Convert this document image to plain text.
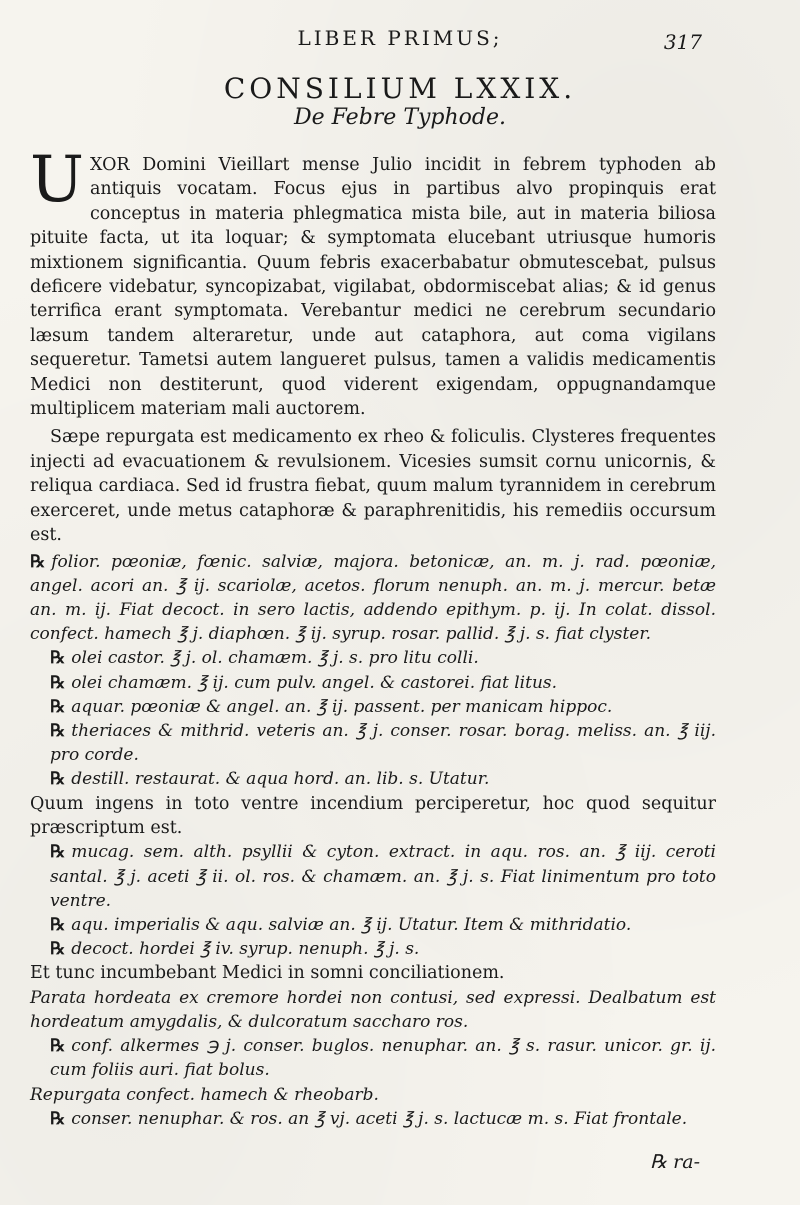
LIBER PRIMUS;	317
CONSILIUM LXXIX.
De Febre Typhode.

UXOR Domini Vieillart mense Julio incidit in febrem typhoden ab antiquis vocatam. Focus ejus in partibus alvo propinquis erat conceptus in materia phlegmatica mista bile, aut in materia biliosa pituite facta, ut ita loquar; & symptomata elucebant utriusque humoris mixtionem significantia. Quum febris exacerbabatur obmutescebat, pulsus deficere videbatur, syncopizabat, vigilabat, obdormiscebat alias; & id genus terrifica erant symptomata. Verebantur medici ne cerebrum secundario læsum tandem alteraretur, unde aut cataphora, aut coma vigilans sequeretur. Tametsi autem langueret pulsus, tamen a validis medicamentis Medici non destiterunt, quod viderent exigendam, oppugnandamque multiplicem materiam mali auctorem.

Sæpe repurgata est medicamento ex rheo & foliculis. Clysteres frequentes injecti ad evacuationem & revulsionem. Vicesies sumsit cornu unicornis, & reliqua cardiaca. Sed id frustra fiebat, quum malum tyrannidem in cerebrum exerceret, unde metus cataphoræ & paraphrenitidis, his remediis occursum est.

℞ folior. pœoniæ, fœnic. salviæ, majora. betonicæ, an. m. j. rad. pœoniæ, angel. acori an. ℥ ij. scariolæ, acetos. florum nenuph. an. m. j. mercur. betæ an. m. ij. Fiat decoct. in sero lactis, addendo epithym. p. ij. In colat. dissol. confect. hamech ℥ j. diaphœn. ℥ ij. syrup. rosar. pallid. ℥ j. s. fiat clyster.

℞ olei castor. ℥ j. ol. chamæm. ℥ j. s. pro litu colli.

℞ olei chamæm. ℥ ij. cum pulv. angel. & castorei. fiat litus.

℞ aquar. pœoniæ & angel. an. ℥ ij. passent. per manicam hippoc.

℞ theriaces & mithrid. veteris an. ℥ j. conser. rosar. borag. meliss. an. ℥ iij. pro corde.

℞ destill. restaurat. & aqua hord. an. lib. s. Utatur.

Quum ingens in toto ventre incendium perciperetur, hoc quod sequitur præscriptum est.

℞ mucag. sem. alth. psyllii & cyton. extract. in aqu. ros. an. ℥ iij. ceroti santal. ℥ j. aceti ℥ ii. ol. ros. & chamæm. an. ℥ j. s. Fiat linimentum pro toto ventre.

℞ aqu. imperialis & aqu. salviæ an. ℥ ij. Utatur. Item & mithridatio.

℞ decoct. hordei ℥ iv. syrup. nenuph. ℥ j. s.

Et tunc incumbebant Medici in somni conciliationem.

Parata hordeata ex cremore hordei non contusi, sed expressi. Dealbatum est hordeatum amygdalis, & dulcoratum saccharo ros.

℞ conf. alkermes ℈ j. conser. buglos. nenuphar. an. ℥ s. rasur. unicor. gr. ij. cum foliis auri. fiat bolus.

Repurgata confect. hamech & rheobarb.

℞ conser. nenuphar. & ros. an ℥ vj. aceti ℥ j. s. lactucæ m. s. Fiat frontale.

℞ ra-
